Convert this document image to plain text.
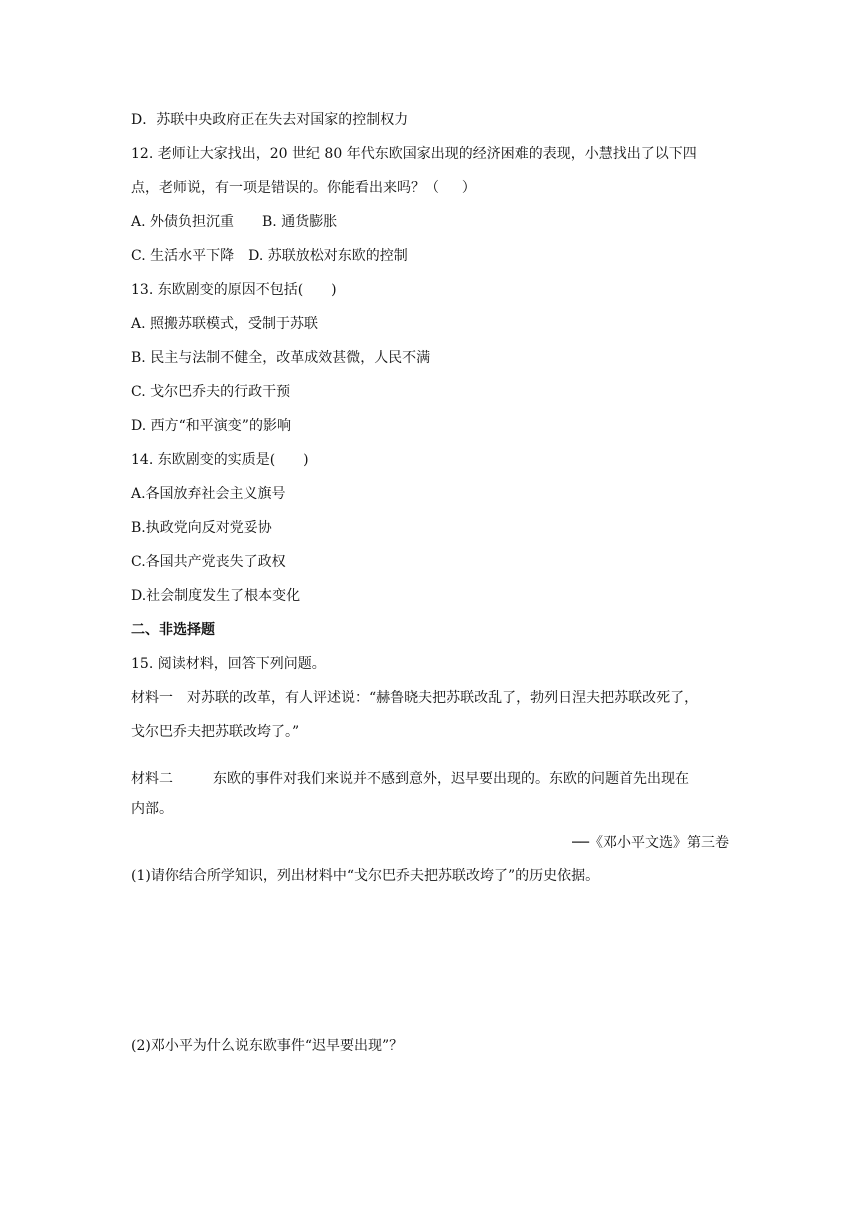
D．苏联中央政府正在失去对国家的控制权力
12. 老师让大家找出，20 世纪 80 年代东欧国家出现的经济困难的表现，小慧找出了以下四
点，老师说，有一项是错误的。你能看出来吗？（ 　 ）
A. 外债负担沉重　　B. 通货膨胀
C. 生活水平下降　D. 苏联放松对东欧的控制
13. 东欧剧变的原因不包括(　　)
A. 照搬苏联模式，受制于苏联
B. 民主与法制不健全，改革成效甚微，人民不满
C. 戈尔巴乔夫的行政干预
D. 西方“和平演变”的影响
14. 东欧剧变的实质是(　　)
A.各国放弃社会主义旗号
B.执政党向反对党妥协
C.各国共产党丧失了政权
D.社会制度发生了根本变化
二、非选择题
15. 阅读材料，回答下列问题。
材料一　对苏联的改革，有人评述说：“赫鲁晓夫把苏联改乱了，勃列日涅夫把苏联改死了，
戈尔巴乔夫把苏联改垮了。”
材料二	东欧的事件对我们来说并不感到意外，迟早要出现的。东欧的问题首先出现在
内部。
──《邓小平文选》第三卷
(1)请你结合所学知识，列出材料中“戈尔巴乔夫把苏联改垮了”的历史依据。
(2)邓小平为什么说东欧事件“迟早要出现”？
